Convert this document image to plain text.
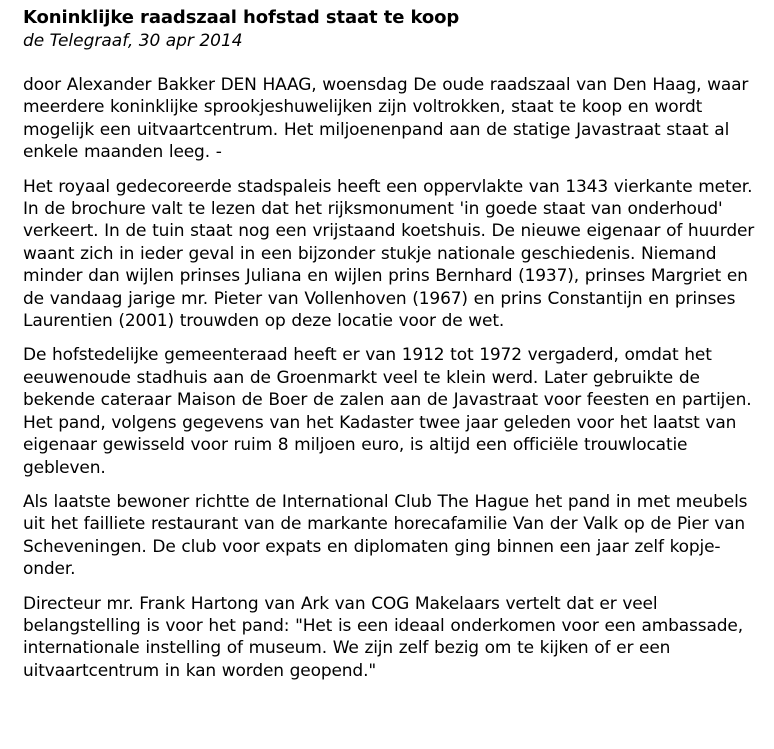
Koninklijke raadszaal hofstad staat te koop
de Telegraaf, 30 apr 2014

door Alexander Bakker DEN HAAG, woensdag De oude raadszaal van Den Haag, waar meerdere koninklijke sprookjeshuwelijken zijn voltrokken, staat te koop en wordt mogelijk een uitvaartcentrum. Het miljoenenpand aan de statige Javastraat staat al enkele maanden leeg. -

Het royaal gedecoreerde stadspaleis heeft een oppervlakte van 1343 vierkante meter. In de brochure valt te lezen dat het rijksmonument 'in goede staat van onderhoud' verkeert. In de tuin staat nog een vrijstaand koetshuis. De nieuwe eigenaar of huurder waant zich in ieder geval in een bijzonder stukje nationale geschiedenis. Niemand minder dan wijlen prinses Juliana en wijlen prins Bernhard (1937), prinses Margriet en de vandaag jarige mr. Pieter van Vollenhoven (1967) en prins Constantijn en prinses Laurentien (2001) trouwden op deze locatie voor de wet.

De hofstedelijke gemeenteraad heeft er van 1912 tot 1972 vergaderd, omdat het eeuwenoude stadhuis aan de Groenmarkt veel te klein werd. Later gebruikte de bekende cateraar Maison de Boer de zalen aan de Javastraat voor feesten en partijen. Het pand, volgens gegevens van het Kadaster twee jaar geleden voor het laatst van eigenaar gewisseld voor ruim 8 miljoen euro, is altijd een officiële trouwlocatie gebleven.

Als laatste bewoner richtte de International Club The Hague het pand in met meubels uit het failliete restaurant van de markante horecafamilie Van der Valk op de Pier van Scheveningen. De club voor expats en diplomaten ging binnen een jaar zelf kopje-onder.

Directeur mr. Frank Hartong van Ark van COG Makelaars vertelt dat er veel belangstelling is voor het pand: "Het is een ideaal onderkomen voor een ambassade, internationale instelling of museum. We zijn zelf bezig om te kijken of er een uitvaartcentrum in kan worden geopend."
